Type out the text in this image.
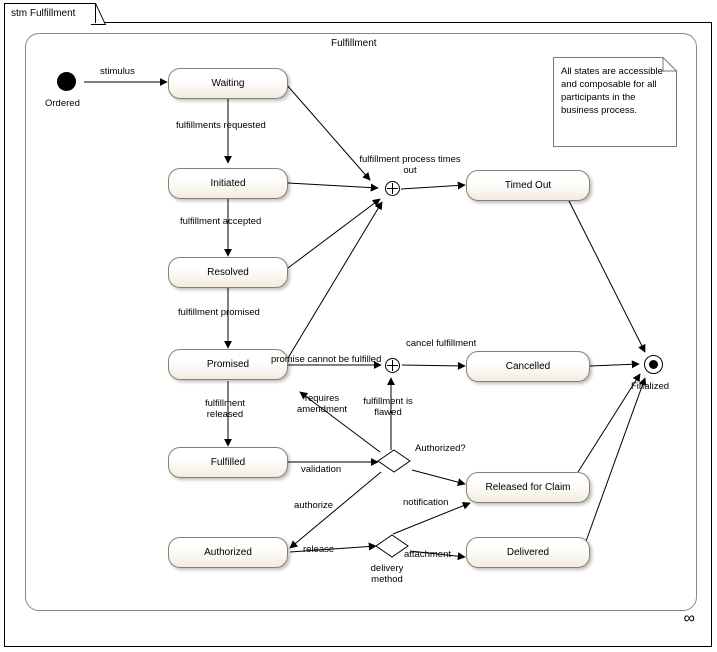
stm Fulfillment
Fulfillment
Ordered
Finalized
Waiting
Initiated
Resolved
Promised
Fulfilled
Authorized
Timed Out
Cancelled
Released for Claim
Delivered
Authorized?
stimulus
fulfillments requested
fulfillment accepted
fulfillment promised
fulfillment released
fulfillment process times out
promise cannot be fulfilled
cancel fulfillment
fulfillment is flawed
requires amendment
validation
authorize
release
notification
attachment
delivery method
All states are accessible and composable for all participants in the business process.
∞
